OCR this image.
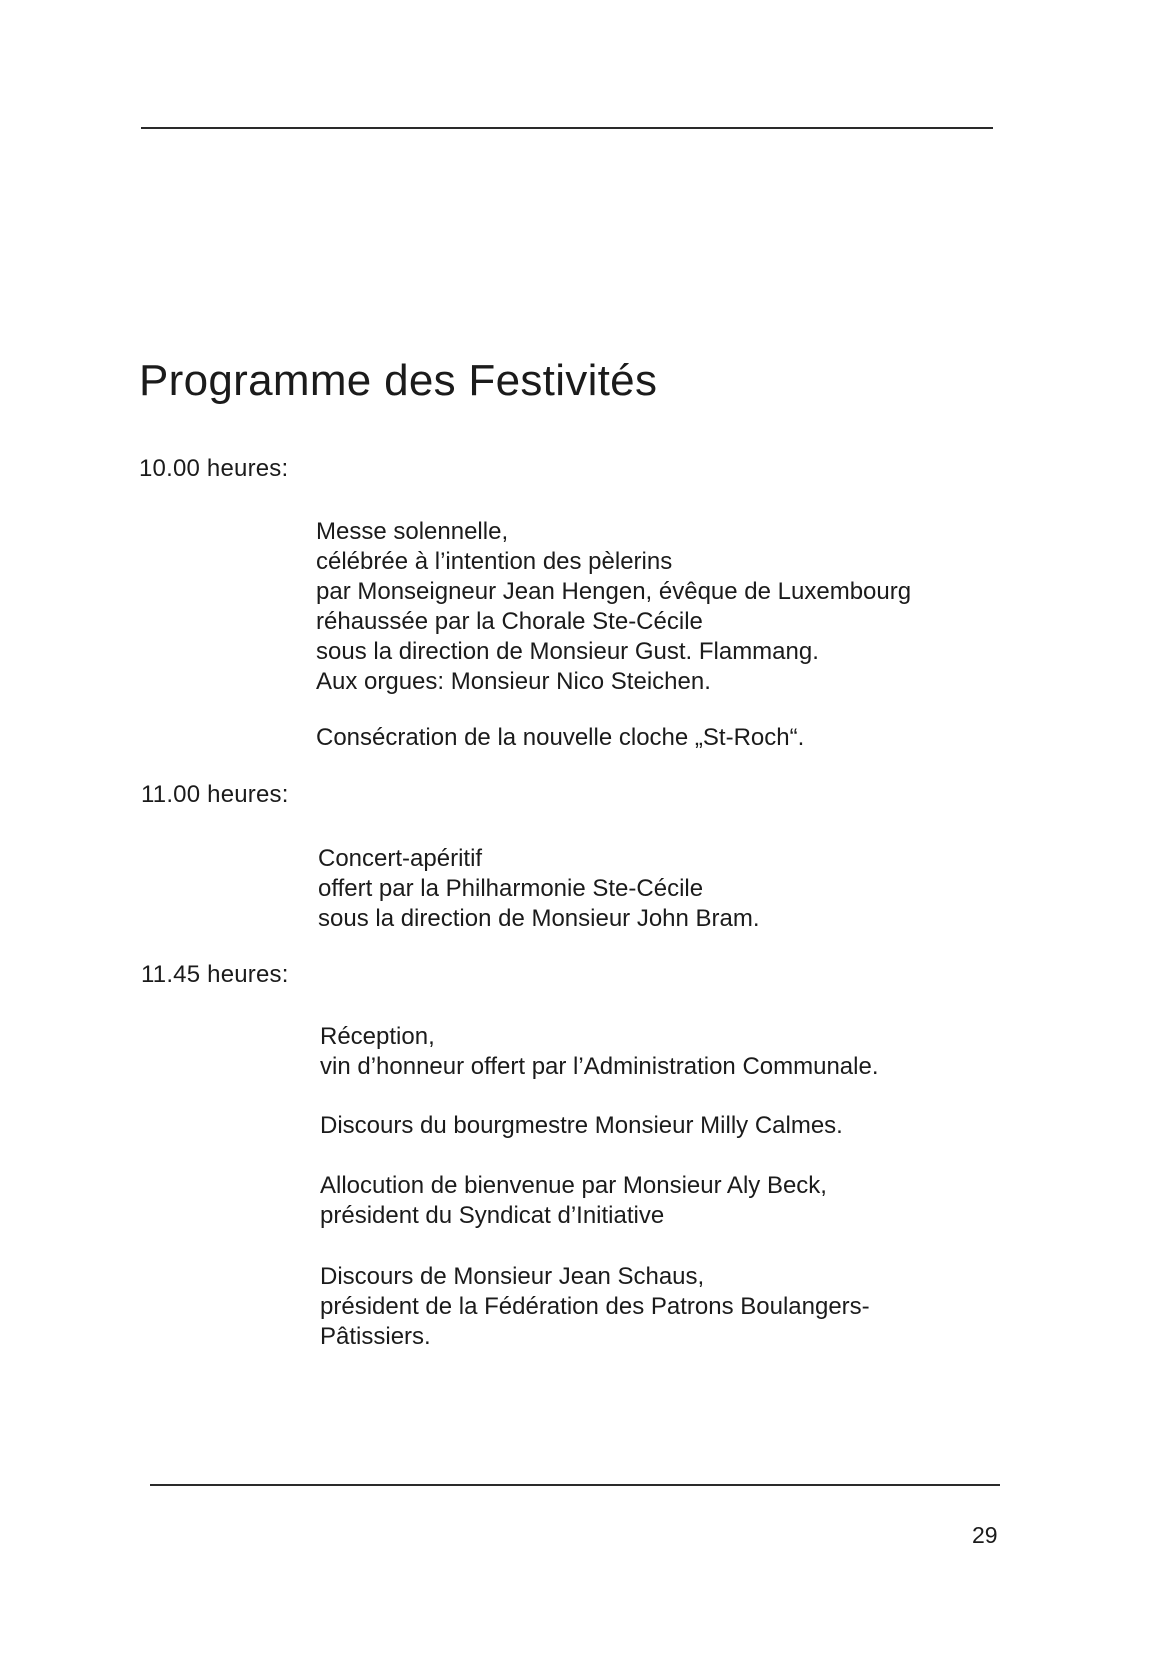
Programme des Festivités
10.00 heures:
Messe solennelle,
célébrée à l’intention des pèlerins
par Monseigneur Jean Hengen, évêque de Luxembourg
réhaussée par la Chorale Ste-Cécile
sous la direction de Monsieur Gust. Flammang.
Aux orgues: Monsieur Nico Steichen.
Consécration de la nouvelle cloche „St-Roch“.
11.00 heures:
Concert-apéritif
offert par la Philharmonie Ste-Cécile
sous la direction de Monsieur John Bram.
11.45 heures:
Réception,
vin d’honneur offert par l’Administration Communale.
Discours du bourgmestre Monsieur Milly Calmes.
Allocution de bienvenue par Monsieur Aly Beck,
président du Syndicat d’Initiative
Discours de Monsieur Jean Schaus,
président de la Fédération des Patrons Boulangers-
Pâtissiers.
29
